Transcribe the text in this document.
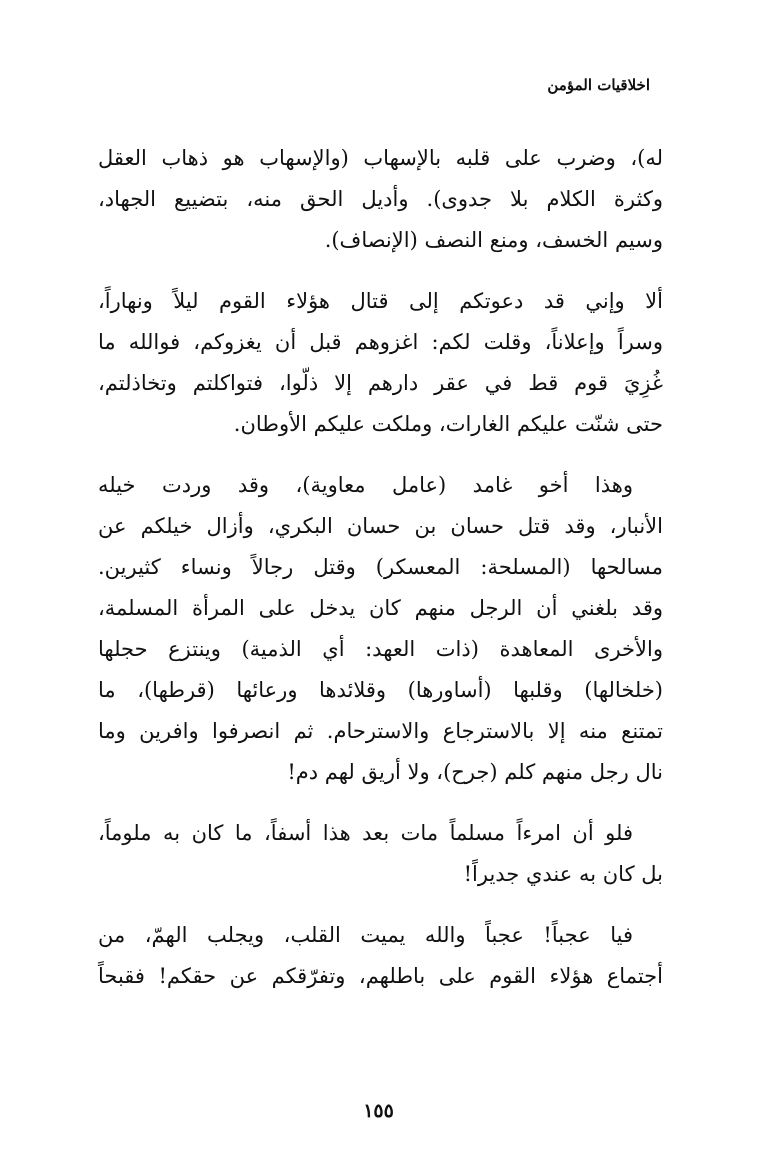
اخلاقيات المؤمن

له)، وضرب على قلبه بالإسهاب (والإسهاب هو ذهاب العقل
وكثرة الكلام بلا جدوى). وأديل الحق منه، بتضييع الجهاد،
وسيم الخسف، ومنع النصف (الإنصاف).

ألا وإني قد دعوتكم إلى قتال هؤلاء القوم ليلاً ونهاراً،
وسراً وإعلاناً، وقلت لكم: اغزوهم قبل أن يغزوكم، فوالله ما
غُزِيَ قوم قط في عقر دارهم إلا ذلّوا، فتواكلتم وتخاذلتم،
حتى شنّت عليكم الغارات، وملكت عليكم الأوطان.

وهذا أخو غامد (عامل معاوية)، وقد وردت خيله
الأنبار، وقد قتل حسان بن حسان البكري، وأزال خيلكم عن
مسالحها (المسلحة: المعسكر) وقتل رجالاً ونساء كثيرين.
وقد بلغني أن الرجل منهم كان يدخل على المرأة المسلمة،
والأخرى المعاهدة (ذات العهد: أي الذمية) وينتزع حجلها
(خلخالها) وقلبها (أساورها) وقلائدها ورعائها (قرطها)، ما
تمتنع منه إلا بالاسترجاع والاسترحام. ثم انصرفوا وافرين وما
نال رجل منهم كلم (جرح)، ولا أريق لهم دم!

فلو أن امرءاً مسلماً مات بعد هذا أسفاً، ما كان به ملوماً،
بل كان به عندي جديراً!

فيا عجباً! عجباً والله يميت القلب، ويجلب الهمّ، من
أجتماع هؤلاء القوم على باطلهم، وتفرّقكم عن حقكم! فقبحاً

١٥٥
